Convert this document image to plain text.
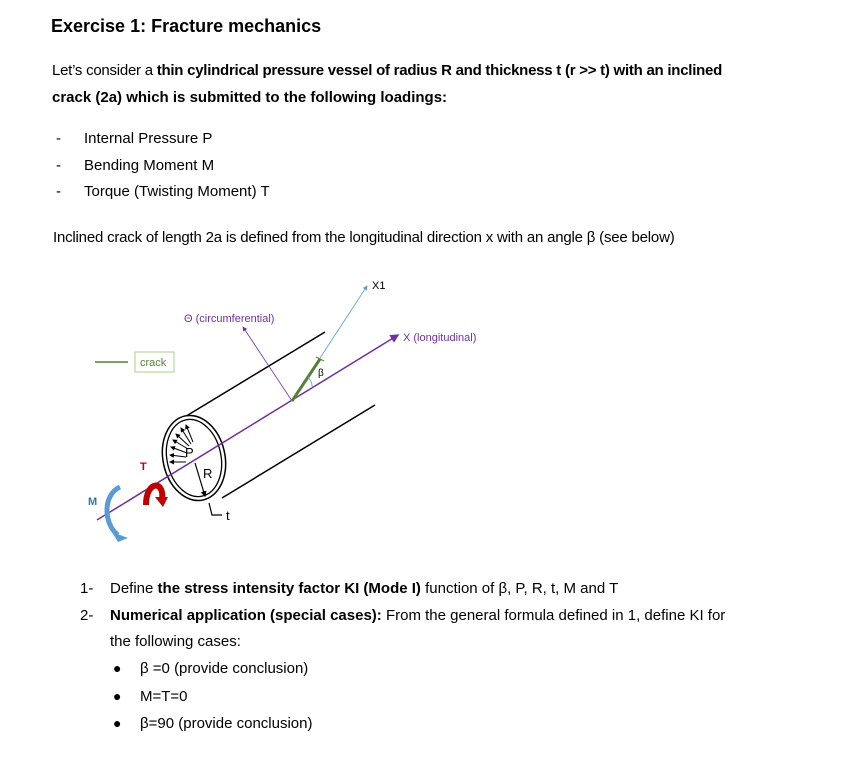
Exercise 1: Fracture mechanics
Let’s consider a thin cylindrical pressure vessel of radius R and thickness t (r >> t) with an inclined
crack (2a) which is submitted to the following loadings:
- Internal Pressure P
- Bending Moment M
- Torque (Twisting Moment) T
Inclined crack of length 2a is defined from the longitudinal direction x with an angle β (see below)
X1
Θ (circumferential)
X (longitudinal)
crack
β
P
R
t
T
M
1- Define the stress intensity factor KI (Mode I) function of β, P, R, t, M and T
2- Numerical application (special cases): From the general formula defined in 1, define KI for
the following cases:
● β =0 (provide conclusion)
● M=T=0
● β=90 (provide conclusion)
